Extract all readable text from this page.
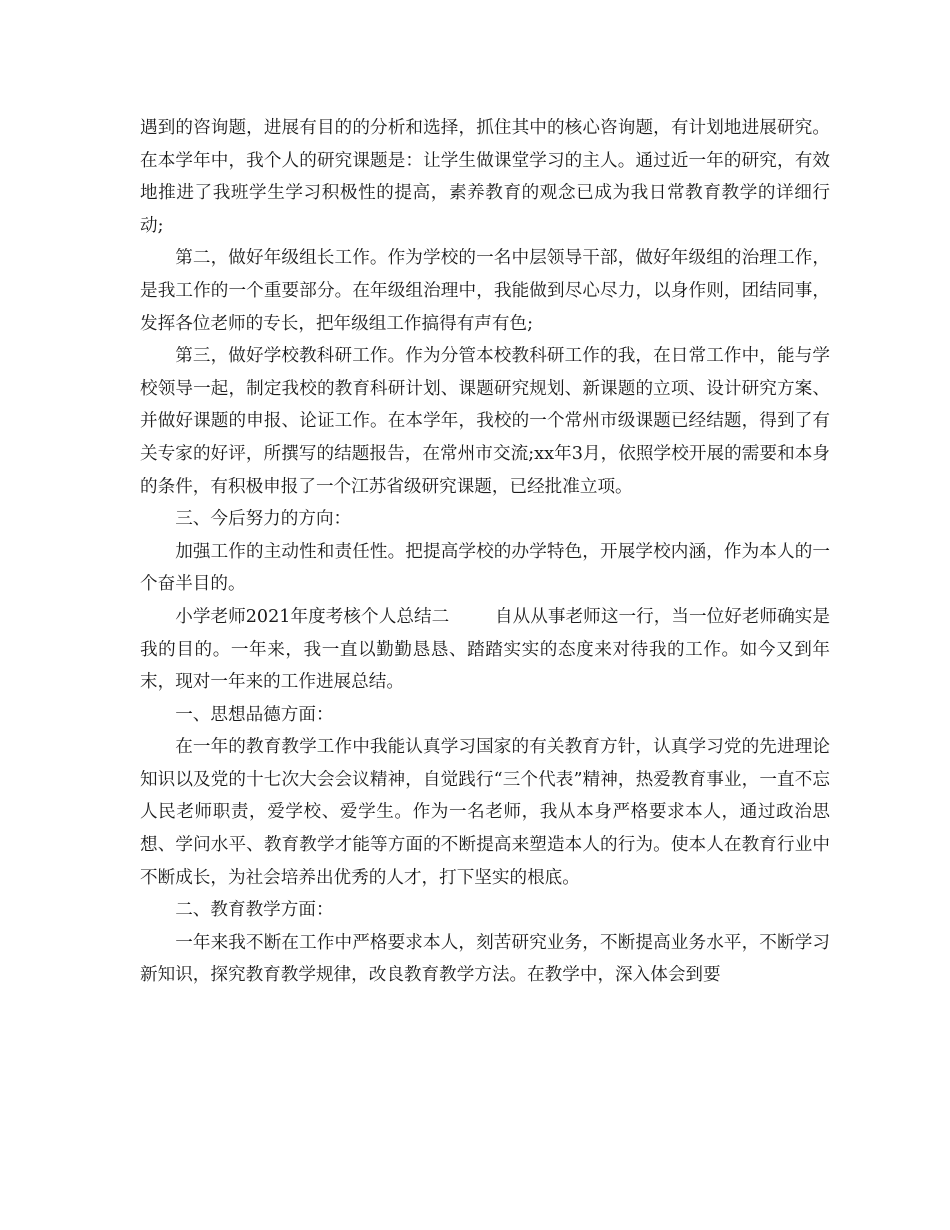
遇到的咨询题，进展有目的的分析和选择，抓住其中的核心咨询题，有计划地进展研究。在本学年中，我个人的研究课题是：让学生做课堂学习的主人。通过近一年的研究，有效地推进了我班学生学习积极性的提高，素养教育的观念已成为我日常教育教学的详细行动;

第二，做好年级组长工作。作为学校的一名中层领导干部，做好年级组的治理工作，是我工作的一个重要部分。在年级组治理中，我能做到尽心尽力，以身作则，团结同事，发挥各位老师的专长，把年级组工作搞得有声有色;

第三，做好学校教科研工作。作为分管本校教科研工作的我，在日常工作中，能与学校领导一起，制定我校的教育科研计划、课题研究规划、新课题的立项、设计研究方案、并做好课题的申报、论证工作。在本学年，我校的一个常州市级课题已经结题，得到了有关专家的好评，所撰写的结题报告，在常州市交流;xx年3月，依照学校开展的需要和本身的条件，有积极申报了一个江苏省级研究课题，已经批准立项。

三、今后努力的方向：

加强工作的主动性和责任性。把提高学校的办学特色，开展学校内涵，作为本人的一个奋半目的。

小学老师2021年度考核个人总结二	自从从事老师这一行，当一位好老师确实是我的目的。一年来，我一直以勤勤恳恳、踏踏实实的态度来对待我的工作。如今又到年末，现对一年来的工作进展总结。

一、思想品德方面：

在一年的教育教学工作中我能认真学习国家的有关教育方针，认真学习党的先进理论知识以及党的十七次大会会议精神，自觉践行“三个代表”精神，热爱教育事业，一直不忘人民老师职责，爱学校、爱学生。作为一名老师，我从本身严格要求本人，通过政治思想、学问水平、教育教学才能等方面的不断提高来塑造本人的行为。使本人在教育行业中不断成长，为社会培养出优秀的人才，打下坚实的根底。

二、教育教学方面：

一年来我不断在工作中严格要求本人，刻苦研究业务，不断提高业务水平，不断学习新知识，探究教育教学规律，改良教育教学方法。在教学中，深入体会到要
